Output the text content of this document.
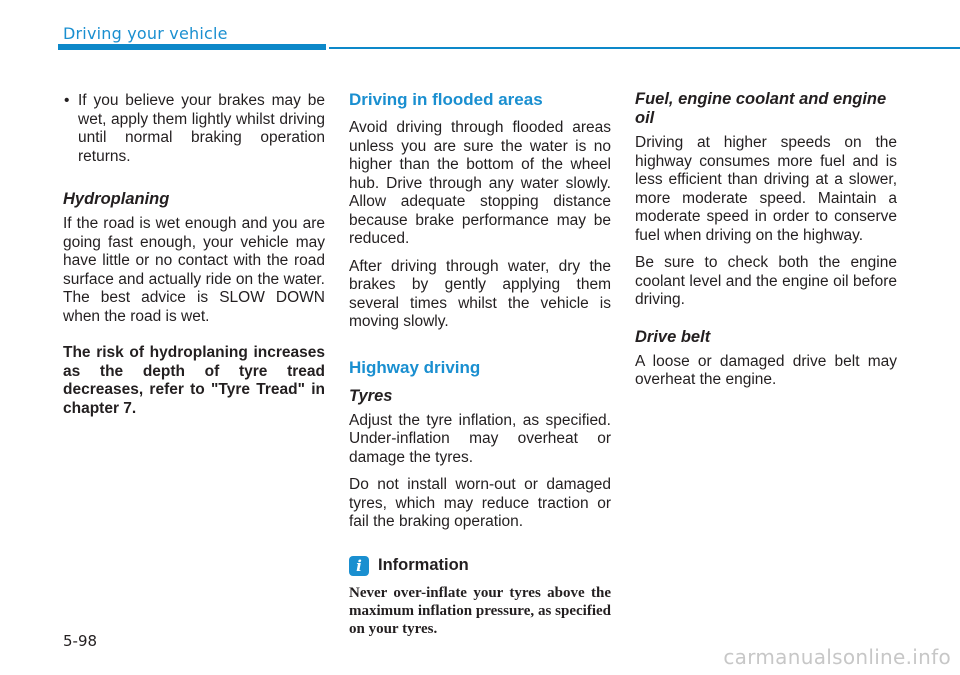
Driving your vehicle

• If you believe your brakes may be wet, apply them lightly whilst driving until normal braking operation returns.

Hydroplaning

If the road is wet enough and you are going fast enough, your vehicle may have little or no contact with the road surface and actually ride on the water. The best advice is SLOW DOWN when the road is wet.

The risk of hydroplaning increases as the depth of tyre tread decreases, refer to "Tyre Tread" in chapter 7.

Driving in flooded areas

Avoid driving through flooded areas unless you are sure the water is no higher than the bottom of the wheel hub. Drive through any water slowly. Allow adequate stopping distance because brake performance may be reduced.

After driving through water, dry the brakes by gently applying them several times whilst the vehicle is moving slowly.

Highway driving
Tyres

Adjust the tyre inflation, as specified. Under-inflation may overheat or damage the tyres.

Do not install worn-out or damaged tyres, which may reduce traction or fail the braking operation.

i Information

Never over-inflate your tyres above the maximum inflation pressure, as specified on your tyres.

Fuel, engine coolant and engine oil

Driving at higher speeds on the highway consumes more fuel and is less efficient than driving at a slower, more moderate speed. Maintain a moderate speed in order to conserve fuel when driving on the highway.

Be sure to check both the engine coolant level and the engine oil before driving.

Drive belt

A loose or damaged drive belt may overheat the engine.

5-98
carmanualsonline.info
